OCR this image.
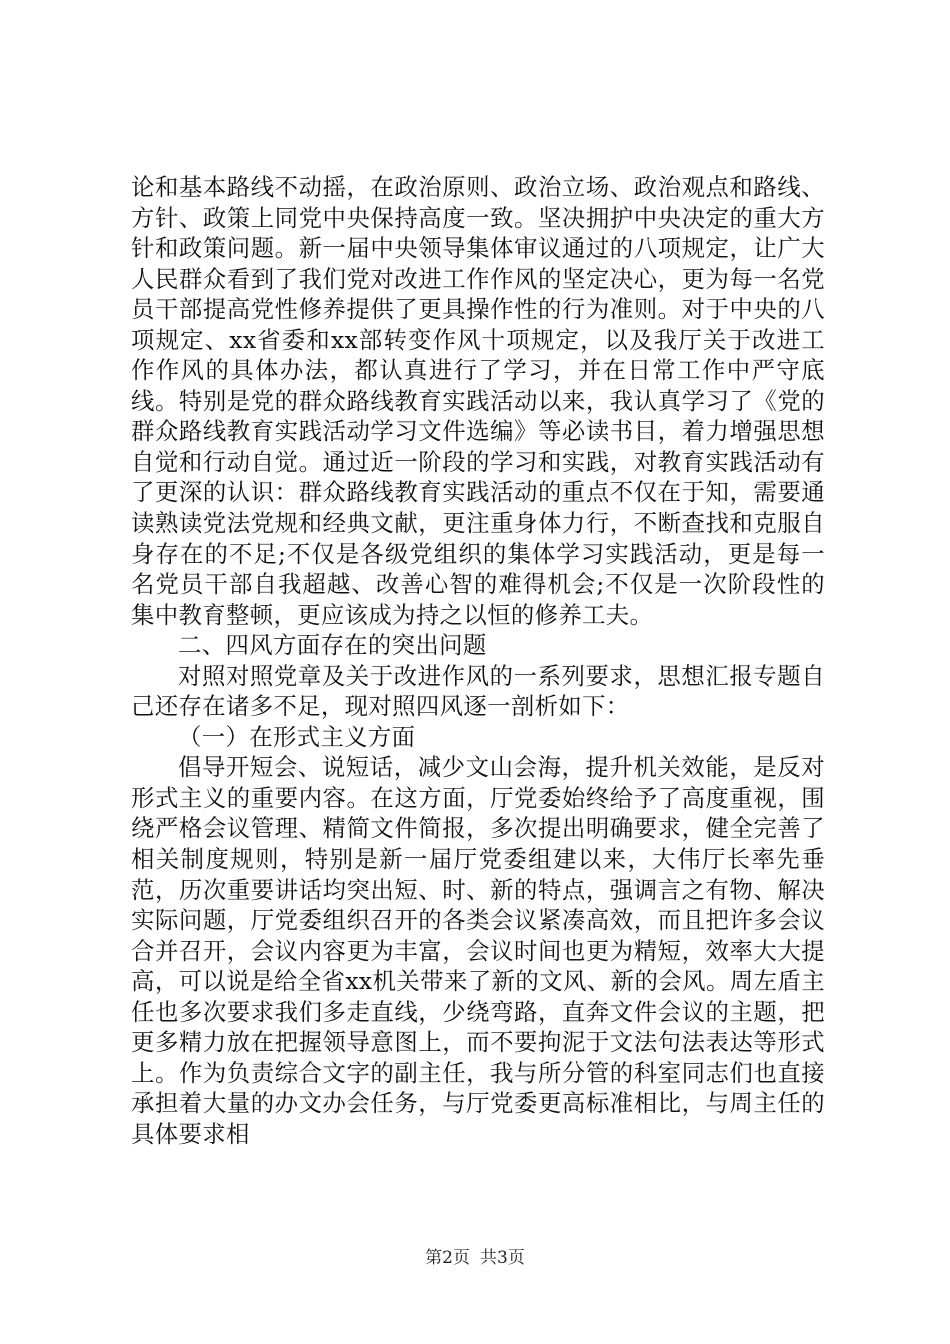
论和基本路线不动摇，在政治原则、政治立场、政治观点和路线、方针、政策上同党中央保持高度一致。坚决拥护中央决定的重大方针和政策问题。新一届中央领导集体审议通过的八项规定，让广大人民群众看到了我们党对改进工作作风的坚定决心，更为每一名党员干部提高党性修养提供了更具操作性的行为准则。对于中央的八项规定、xx省委和xx部转变作风十项规定，以及我厅关于改进工作作风的具体办法，都认真进行了学习，并在日常工作中严守底线。特别是党的群众路线教育实践活动以来，我认真学习了《党的群众路线教育实践活动学习文件选编》等必读书目，着力增强思想自觉和行动自觉。通过近一阶段的学习和实践，对教育实践活动有了更深的认识：群众路线教育实践活动的重点不仅在于知，需要通读熟读党法党规和经典文献，更注重身体力行，不断查找和克服自身存在的不足;不仅是各级党组织的集体学习实践活动，更是每一名党员干部自我超越、改善心智的难得机会;不仅是一次阶段性的集中教育整顿，更应该成为持之以恒的修养工夫。

二、四风方面存在的突出问题

对照对照党章及关于改进作风的一系列要求，思想汇报专题自己还存在诸多不足，现对照四风逐一剖析如下：

（一）在形式主义方面

倡导开短会、说短话，减少文山会海，提升机关效能，是反对形式主义的重要内容。在这方面，厅党委始终给予了高度重视，围绕严格会议管理、精简文件简报，多次提出明确要求，健全完善了相关制度规则，特别是新一届厅党委组建以来，大伟厅长率先垂范，历次重要讲话均突出短、时、新的特点，强调言之有物、解决实际问题，厅党委组织召开的各类会议紧凑高效，而且把许多会议合并召开，会议内容更为丰富，会议时间也更为精短，效率大大提高，可以说是给全省xx机关带来了新的文风、新的会风。周左盾主任也多次要求我们多走直线，少绕弯路，直奔文件会议的主题，把更多精力放在把握领导意图上，而不要拘泥于文法句法表达等形式上。作为负责综合文字的副主任，我与所分管的科室同志们也直接承担着大量的办文办会任务，与厅党委更高标准相比，与周主任的具体要求相

第2页 共3页
